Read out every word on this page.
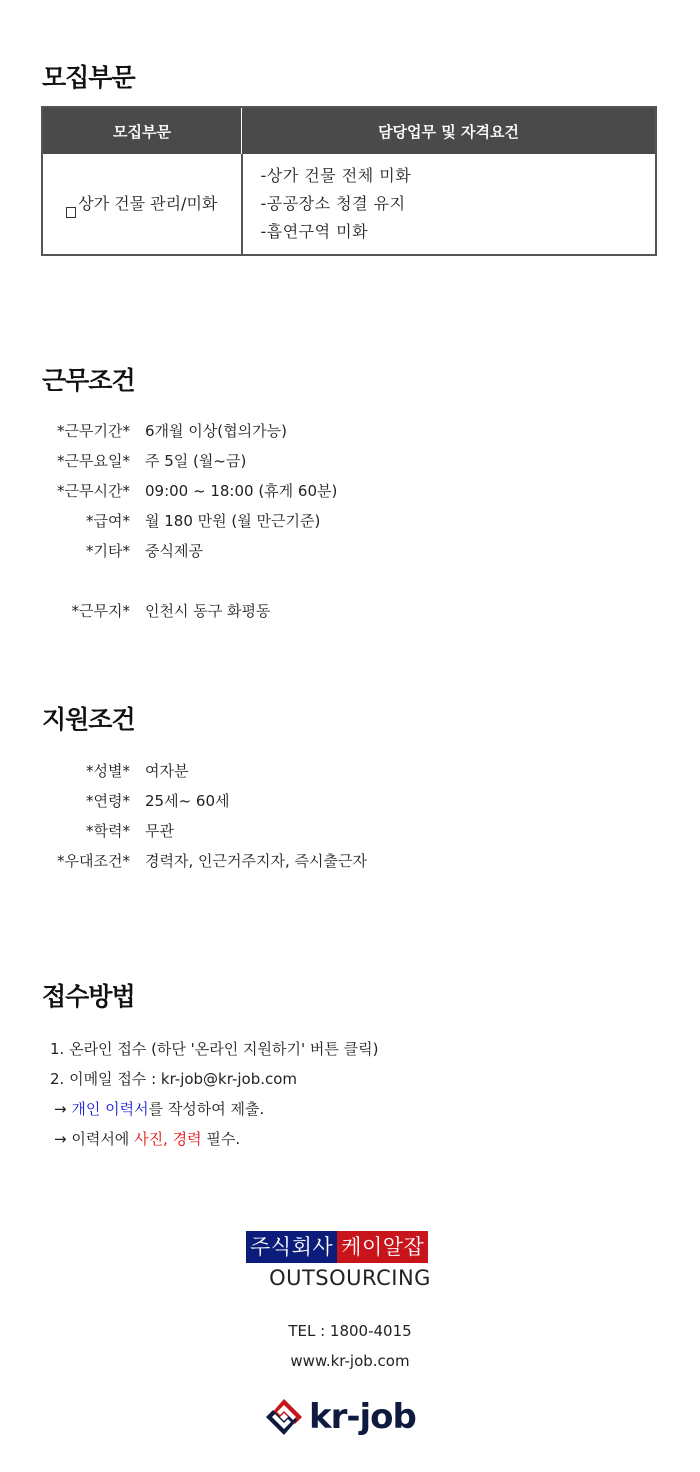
모집부문
모집부문	담당업무 및 자격요건
상가 건물 관리/미화	-상가 건물 전체 미화
-공공장소 청결 유지
-흡연구역 미화
근무조건
*근무기간* 6개월 이상(협의가능)
*근무요일* 주 5일 (월~금)
*근무시간* 09:00 ~ 18:00 (휴게 60분)
*급여* 월 180 만원 (월 만근기준)
*기타* 중식제공
*근무지* 인천시 동구 화평동
지원조건
*성별* 여자분
*연령* 25세~ 60세
*학력* 무관
*우대조건* 경력자, 인근거주지자, 즉시출근자
접수방법
1. 온라인 접수 (하단 '온라인 지원하기' 버튼 클릭)
2. 이메일 접수 : kr-job@kr-job.com
→ 개인 이력서를 작성하여 제출.
→ 이력서에 사진, 경력 필수.
주식회사 케이알잡
OUTSOURCING
TEL : 1800-4015
www.kr-job.com
kr-job
